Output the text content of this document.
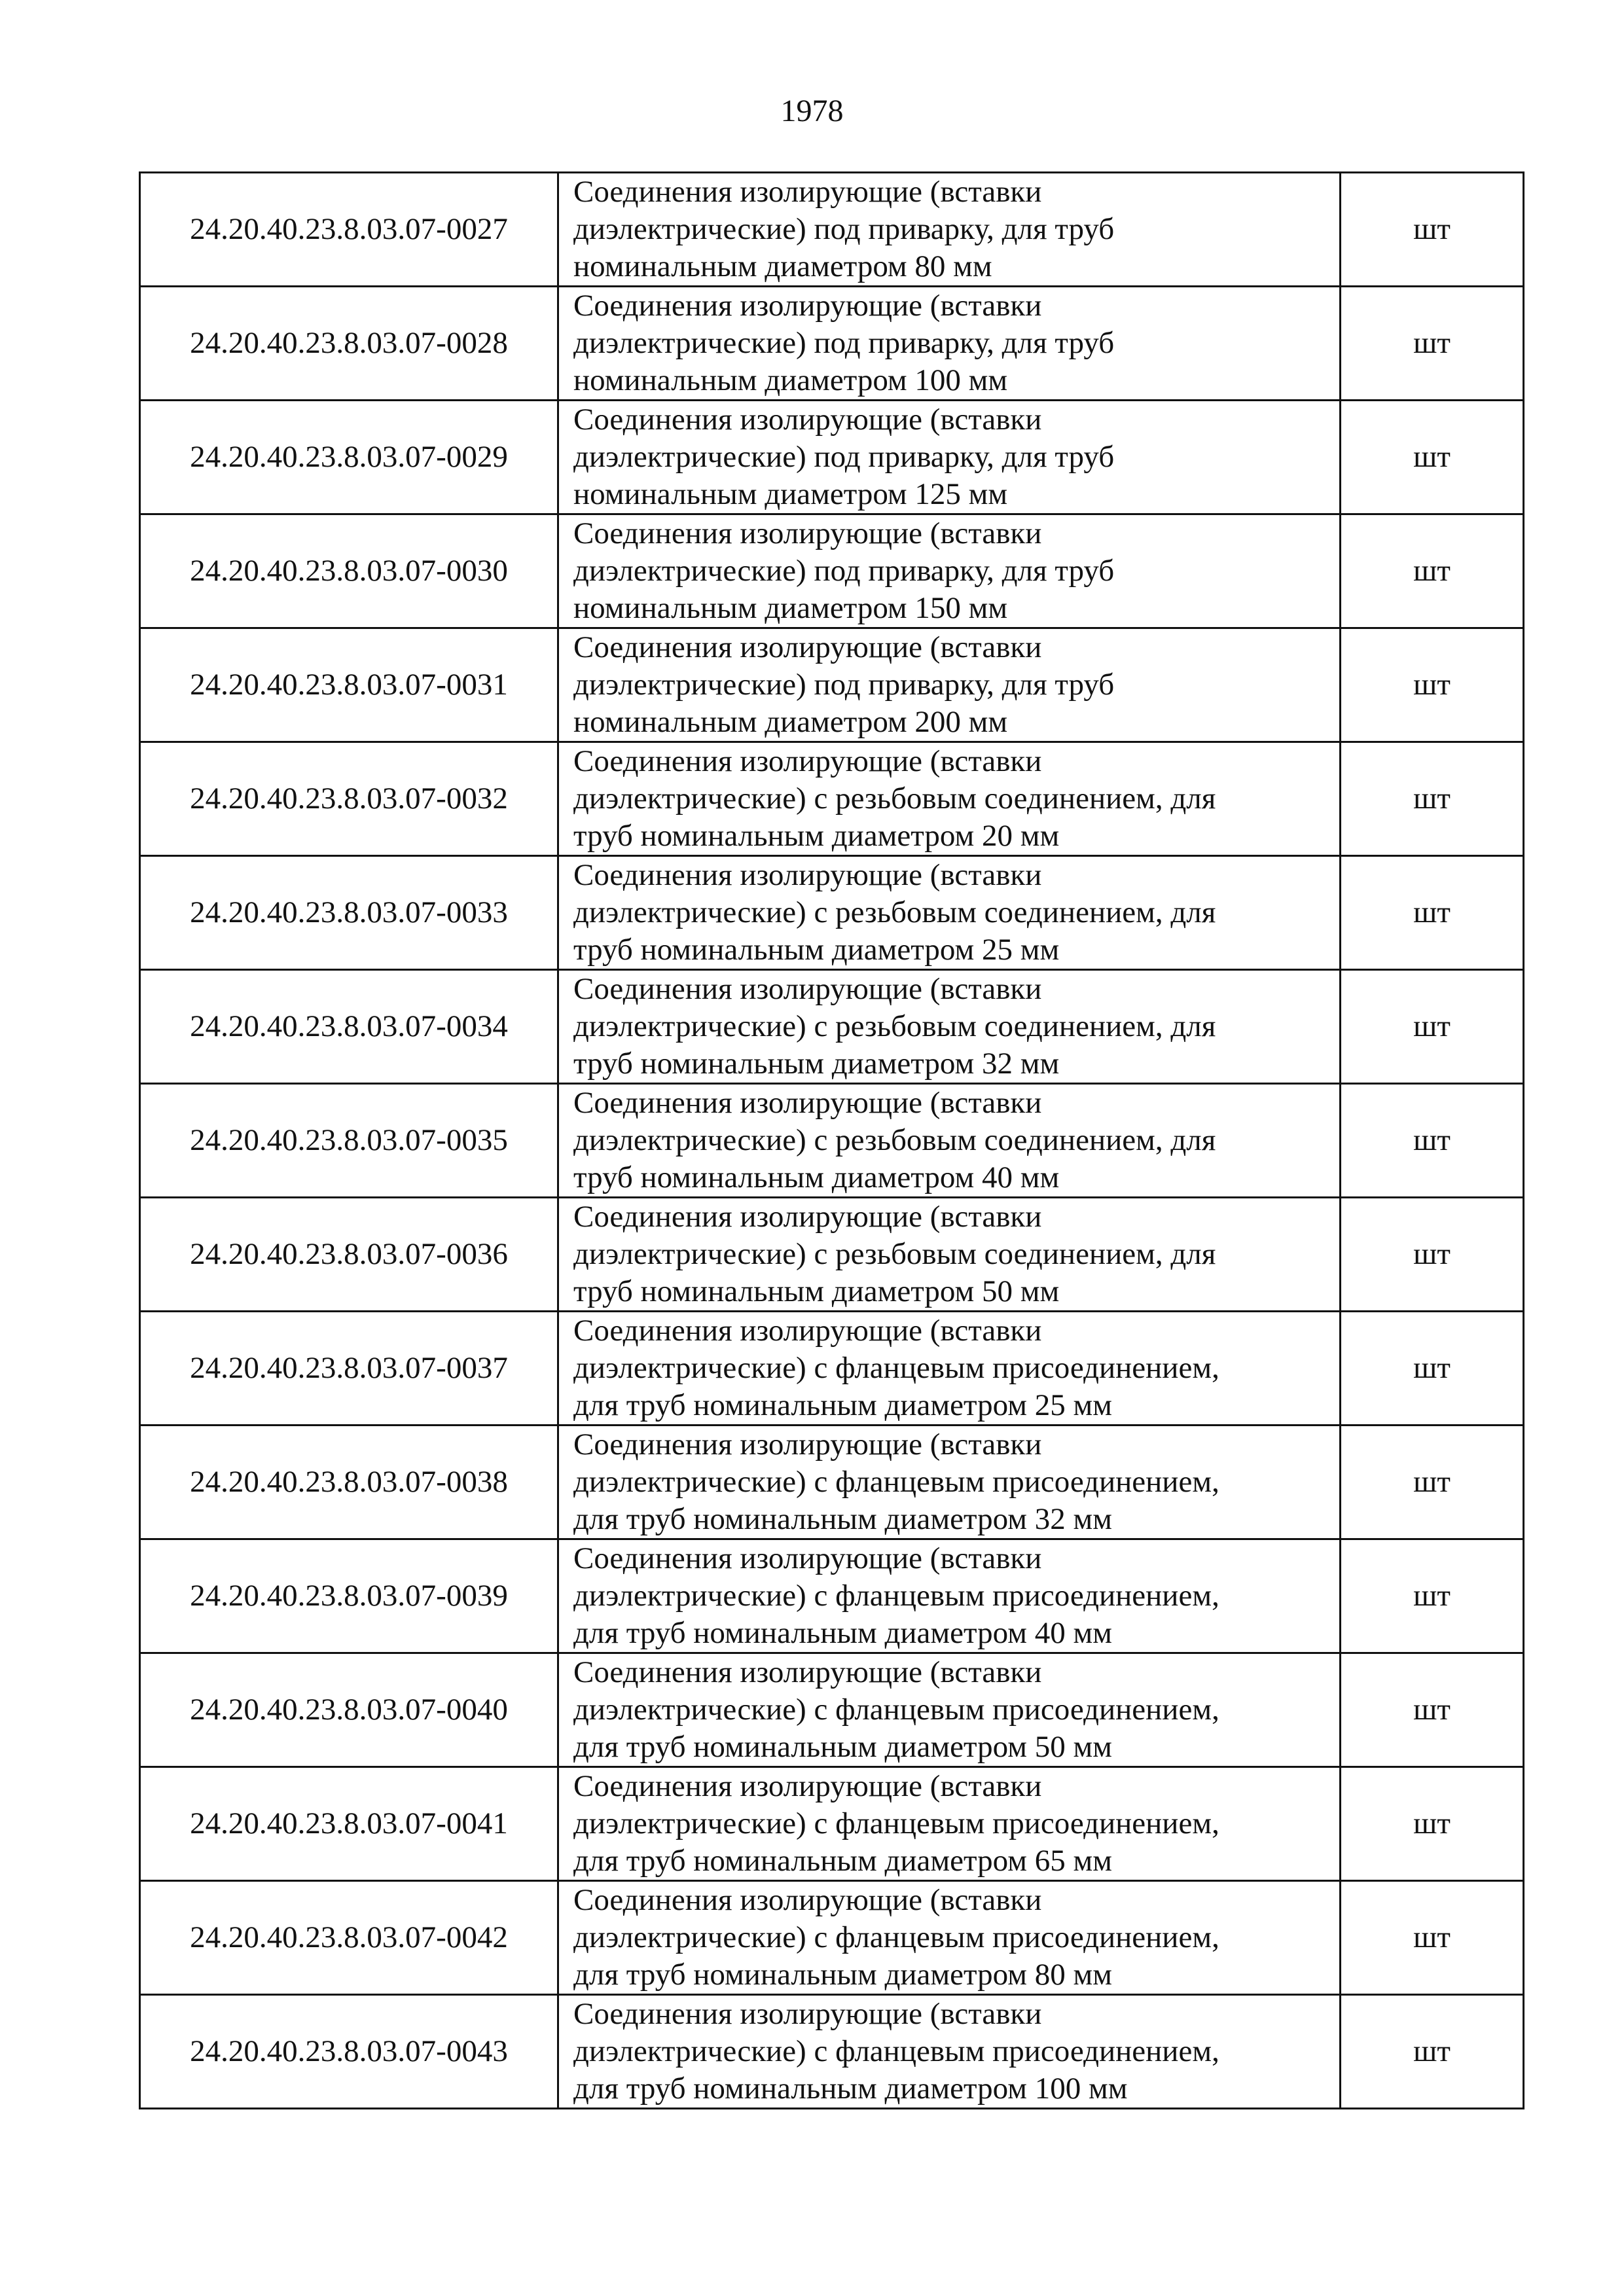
1978
24.20.40.23.8.03.07-0027	Соединения изолирующие (вставки
диэлектрические) под приварку, для труб
номинальным диаметром 80 мм	шт
24.20.40.23.8.03.07-0028	Соединения изолирующие (вставки
диэлектрические) под приварку, для труб
номинальным диаметром 100 мм	шт
24.20.40.23.8.03.07-0029	Соединения изолирующие (вставки
диэлектрические) под приварку, для труб
номинальным диаметром 125 мм	шт
24.20.40.23.8.03.07-0030	Соединения изолирующие (вставки
диэлектрические) под приварку, для труб
номинальным диаметром 150 мм	шт
24.20.40.23.8.03.07-0031	Соединения изолирующие (вставки
диэлектрические) под приварку, для труб
номинальным диаметром 200 мм	шт
24.20.40.23.8.03.07-0032	Соединения изолирующие (вставки
диэлектрические) с резьбовым соединением, для
труб номинальным диаметром 20 мм	шт
24.20.40.23.8.03.07-0033	Соединения изолирующие (вставки
диэлектрические) с резьбовым соединением, для
труб номинальным диаметром 25 мм	шт
24.20.40.23.8.03.07-0034	Соединения изолирующие (вставки
диэлектрические) с резьбовым соединением, для
труб номинальным диаметром 32 мм	шт
24.20.40.23.8.03.07-0035	Соединения изолирующие (вставки
диэлектрические) с резьбовым соединением, для
труб номинальным диаметром 40 мм	шт
24.20.40.23.8.03.07-0036	Соединения изолирующие (вставки
диэлектрические) с резьбовым соединением, для
труб номинальным диаметром 50 мм	шт
24.20.40.23.8.03.07-0037	Соединения изолирующие (вставки
диэлектрические) с фланцевым присоединением,
для труб номинальным диаметром 25 мм	шт
24.20.40.23.8.03.07-0038	Соединения изолирующие (вставки
диэлектрические) с фланцевым присоединением,
для труб номинальным диаметром 32 мм	шт
24.20.40.23.8.03.07-0039	Соединения изолирующие (вставки
диэлектрические) с фланцевым присоединением,
для труб номинальным диаметром 40 мм	шт
24.20.40.23.8.03.07-0040	Соединения изолирующие (вставки
диэлектрические) с фланцевым присоединением,
для труб номинальным диаметром 50 мм	шт
24.20.40.23.8.03.07-0041	Соединения изолирующие (вставки
диэлектрические) с фланцевым присоединением,
для труб номинальным диаметром 65 мм	шт
24.20.40.23.8.03.07-0042	Соединения изолирующие (вставки
диэлектрические) с фланцевым присоединением,
для труб номинальным диаметром 80 мм	шт
24.20.40.23.8.03.07-0043	Соединения изолирующие (вставки
диэлектрические) с фланцевым присоединением,
для труб номинальным диаметром 100 мм	шт
